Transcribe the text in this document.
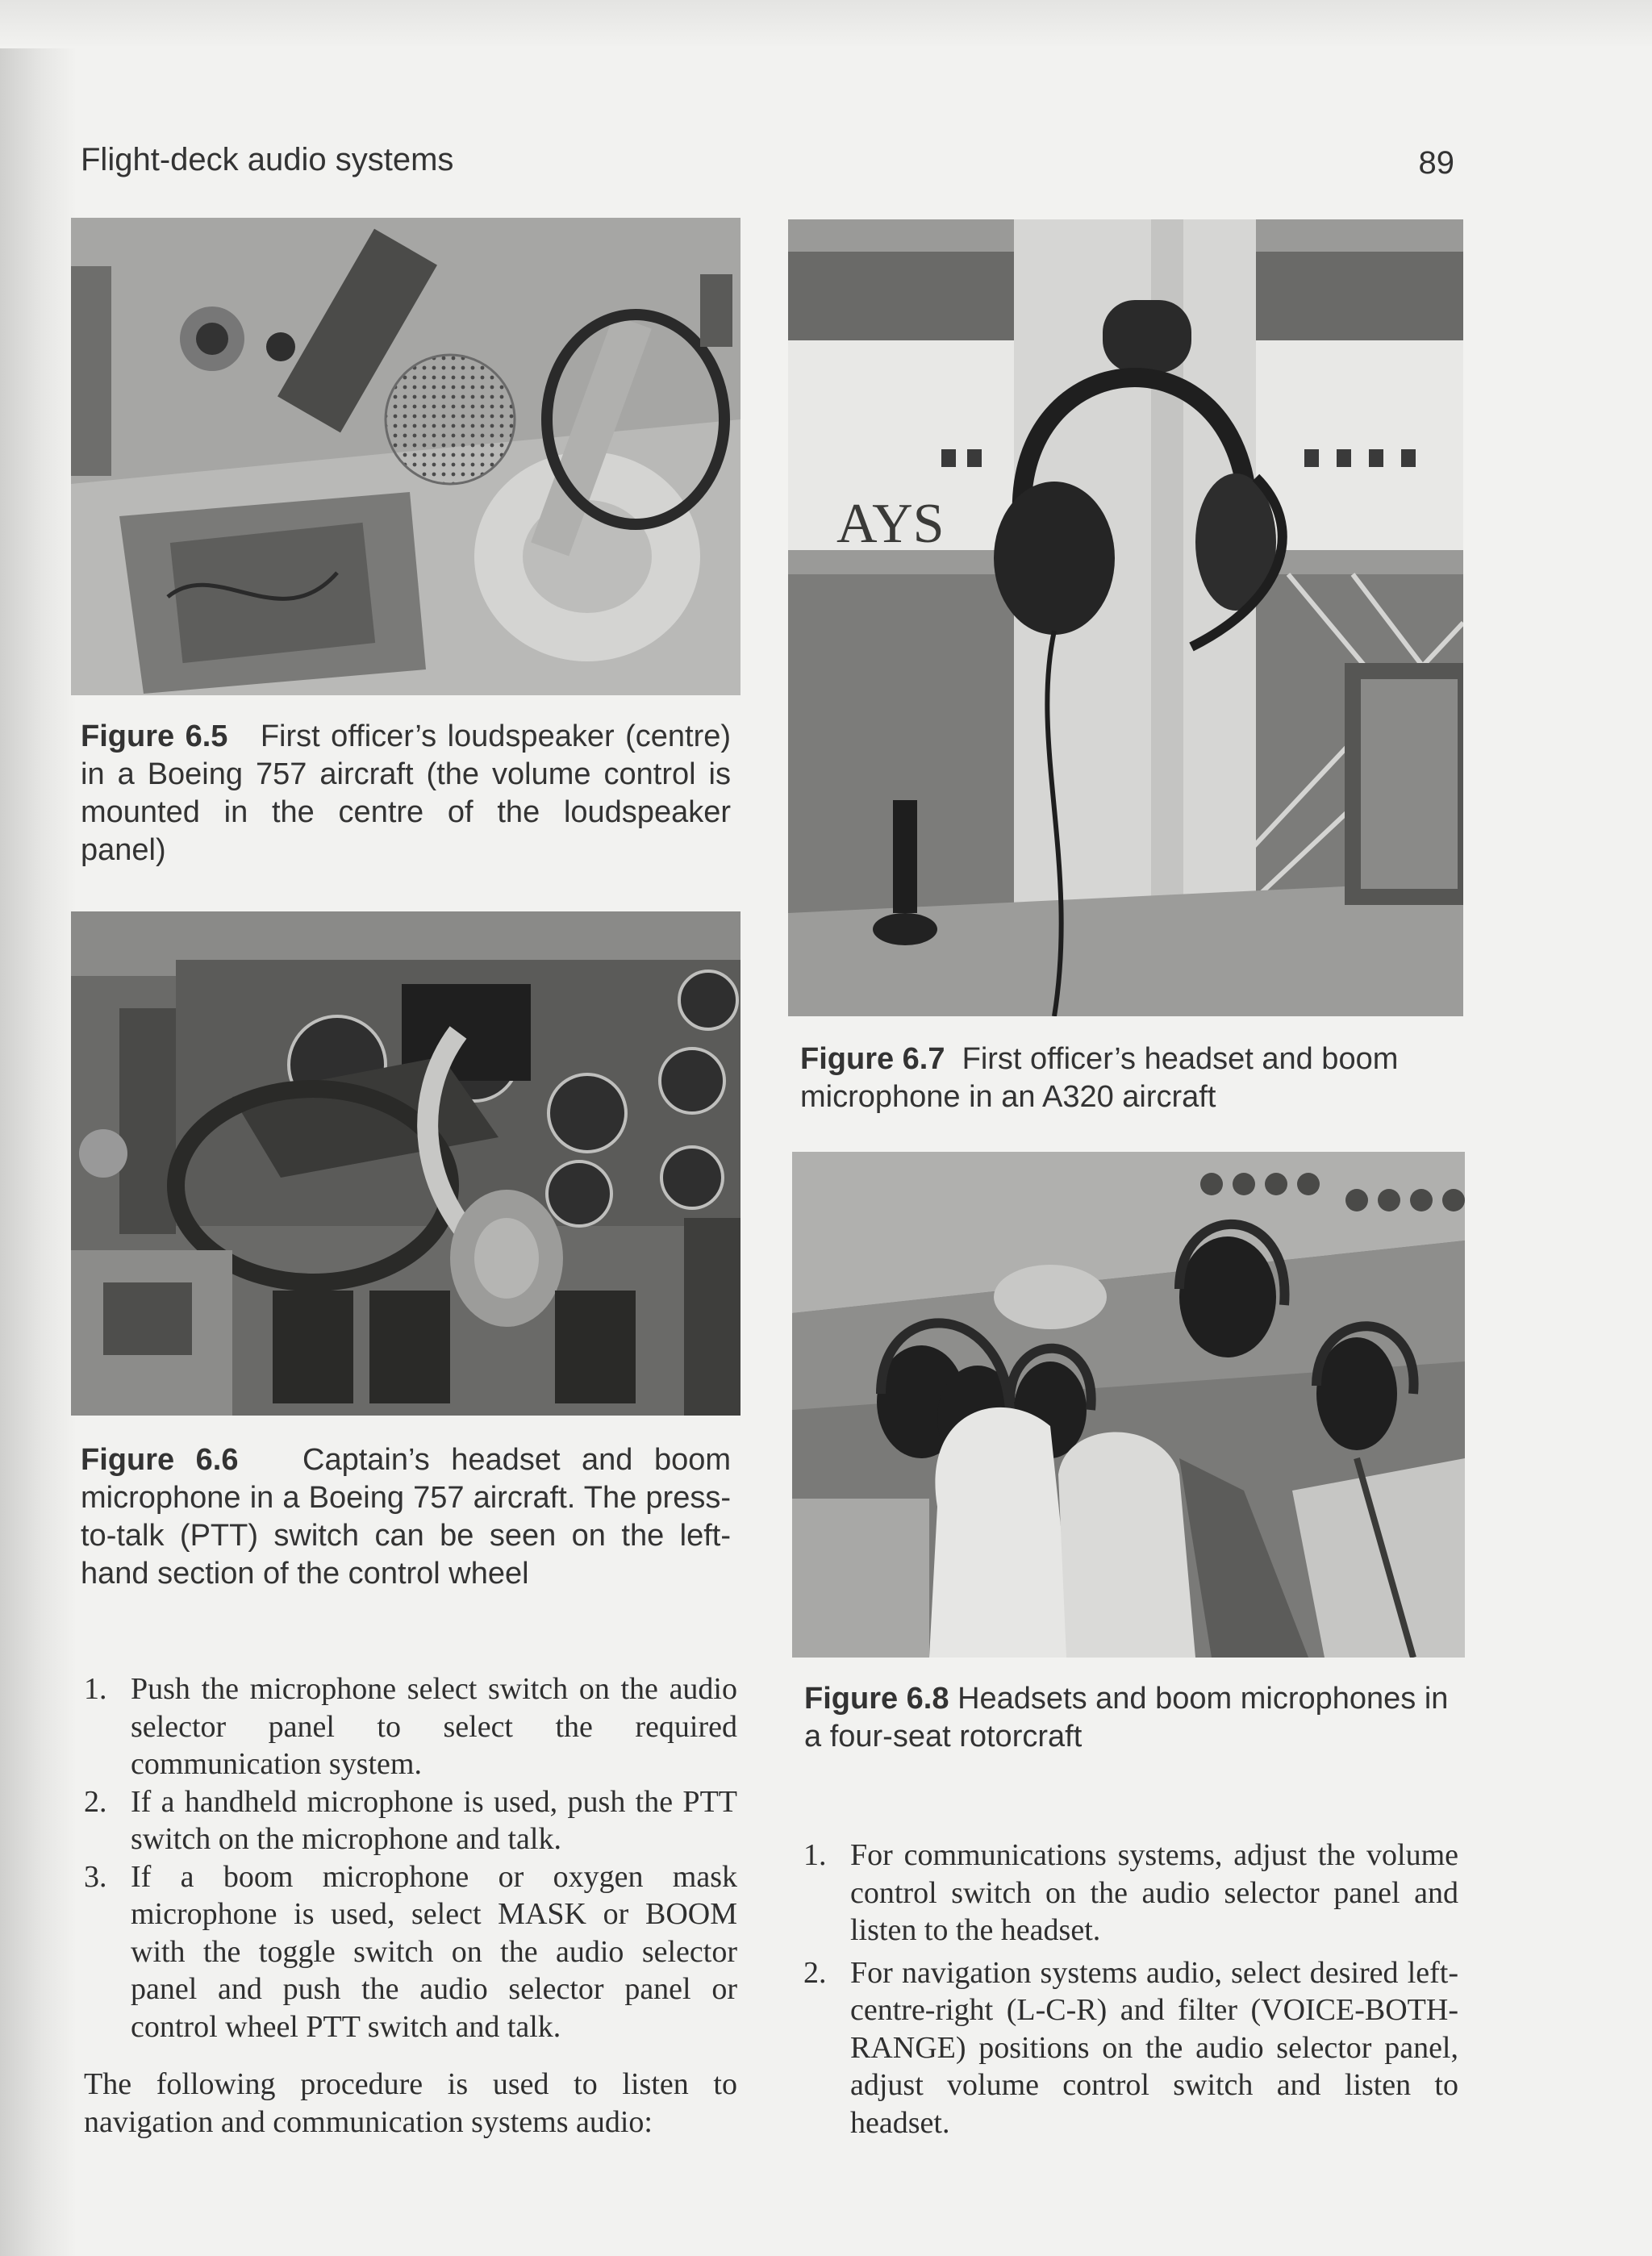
Flight-deck audio systems	89

Figure 6.5 First officer’s loudspeaker (centre) in a Boeing 757 aircraft (the volume control is mounted in the centre of the loudspeaker panel)

Figure 6.6 Captain’s headset and boom microphone in a Boeing 757 aircraft. The press-to-talk (PTT) switch can be seen on the left-hand section of the control wheel

AYS

Figure 6.7 First officer’s headset and boom microphone in an A320 aircraft

Figure 6.8 Headsets and boom microphones in a four-seat rotorcraft

1. Push the microphone select switch on the audio selector panel to select the required communication system.
2. If a handheld microphone is used, push the PTT switch on the microphone and talk.
3. If a boom microphone or oxygen mask microphone is used, select MASK or BOOM with the toggle switch on the audio selector panel and push the audio selector panel or control wheel PTT switch and talk.

The following procedure is used to listen to navigation and communication systems audio:

1. For communications systems, adjust the volume control switch on the audio selector panel and listen to the headset.
2. For navigation systems audio, select desired left-centre-right (L-C-R) and filter (VOICE-BOTH-RANGE) positions on the audio selector panel, adjust volume control switch and listen to headset.
